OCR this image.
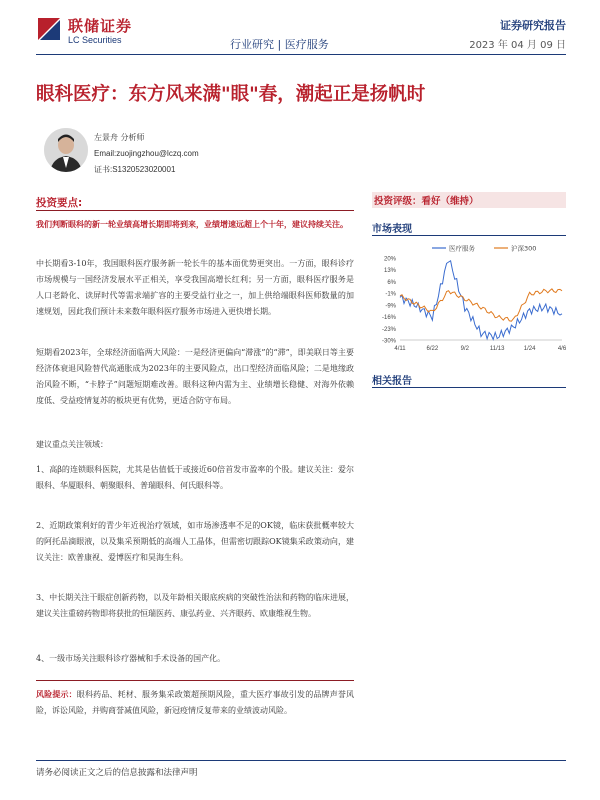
联储证券
LC Securities	行业研究 | 医疗服务
证券研究报告
2023 年 04 月 09 日
眼科医疗：东方风来满"眼"春，潮起正是扬帆时
左景舟 分析师
Email:zuojingzhou@lczq.com
证书:S1320523020001
投资要点:

我们判断眼科的新一轮业绩高增长期即将到来，业绩增速远超上个十年，建议持续关注。

中长期看3-10年，我国眼科医疗服务新一轮长牛的基本面优势更突出。一方面，眼科诊疗市场规模与一国经济发展水平正相关，享受我国高增长红利；另一方面，眼科医疗服务是人口老龄化、读屏时代等需求端扩容的主要受益行业之一，加上供给端眼科医师数量的加速规划，因此我们预计未来数年眼科医疗服务市场进入更快增长期。

短期看2023年，全球经济面临两大风险：一是经济更偏向“滞涨”的“滞”，即美联日等主要经济体衰退风险替代高通胀成为2023年的主要风险点，出口型经济面临风险；二是地缘政治风险不断，“卡脖子”问题短期难改善。眼科这种内需为主、业绩增长稳健、对海外依赖度低、受益疫情复苏的板块更有优势，更适合防守布局。

建议重点关注领域：

1、高β的连锁眼科医院，尤其是估值低于或接近60倍首发市盈率的个股。建议关注：爱尔眼科、华厦眼科、朝聚眼科、普瑞眼科、何氏眼科等。

2、近期政策利好的青少年近视治疗领域，如市场渗透率不足的OK镜，临床获批概率较大的阿托品滴眼液，以及集采预期低的高端人工晶体，但需密切跟踪OK镜集采政策动向，建议关注：欧普康视、爱博医疗和昊海生科。

3、中长期关注干眼症创新药物，以及年龄相关眼底疾病的突破性治法和药物的临床进展，建议关注重磅药物即将获批的恒瑞医药、康弘药业、兴齐眼药、欧康维视生物。

4、一级市场关注眼科诊疗器械和手术设备的国产化。

风险提示：眼科药品、耗材、服务集采政策超预期风险，重大医疗事故引发的品牌声誉风险，诉讼风险，并购商誉减值风险，新冠疫情反复带来的业绩波动风险。

投资评级：看好（维持）
市场表现
20%
13%
6%
-1%
-9%
-16%
-23%
-30%
4/11	6/22	9/2	11/13	1/24	4/6
医疗服务	沪深300
相关报告
请务必阅读正文之后的信息披露和法律声明
